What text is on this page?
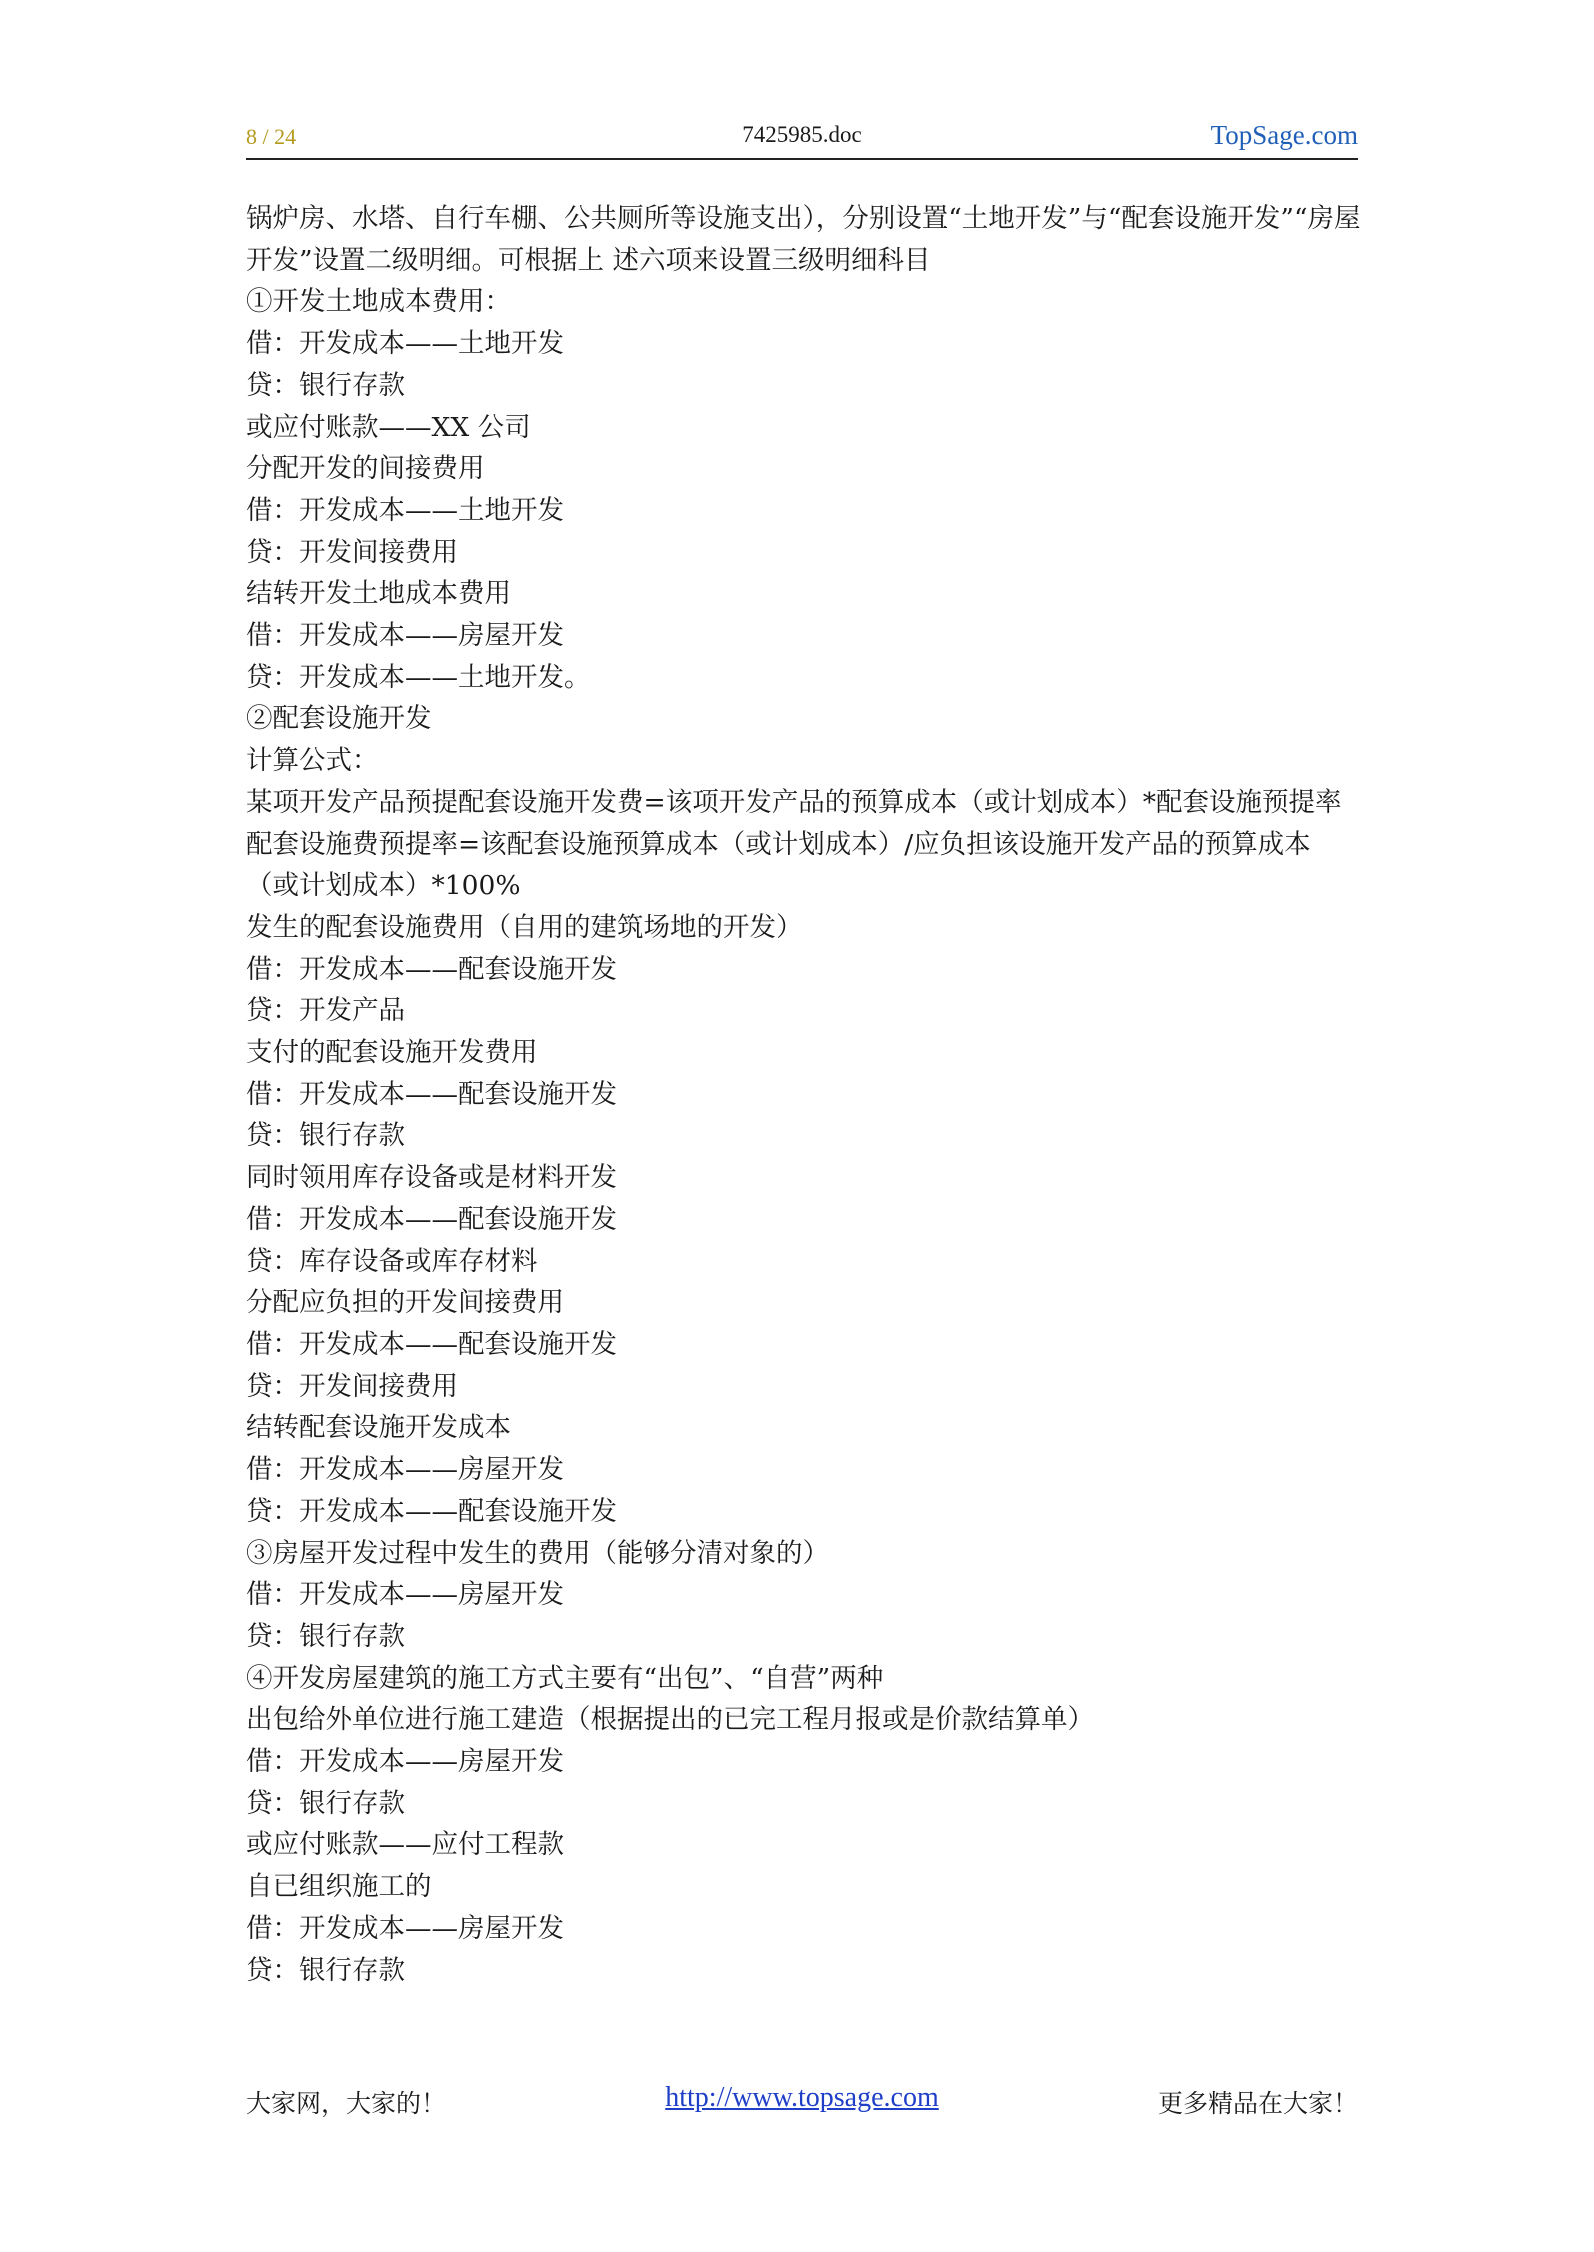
8 / 24	7425985.doc	TopSage.com

锅炉房、水塔、自行车棚、公共厕所等设施支出），分别设置“土地开发”与“配套设施开发”“房屋开发”设置二级明细。可根据上 述六项来设置三级明细科目

①开发土地成本费用：

借：开发成本——土地开发

贷：银行存款

或应付账款——XX 公司

分配开发的间接费用

借：开发成本——土地开发

贷：开发间接费用

结转开发土地成本费用

借：开发成本——房屋开发

贷：开发成本——土地开发。

②配套设施开发

计算公式：

某项开发产品预提配套设施开发费=该项开发产品的预算成本（或计划成本）*配套设施预提率

配套设施费预提率=该配套设施预算成本（或计划成本）/应负担该设施开发产品的预算成本（或计划成本）*100%

发生的配套设施费用（自用的建筑场地的开发）

借：开发成本——配套设施开发

贷：开发产品

支付的配套设施开发费用

借：开发成本——配套设施开发

贷：银行存款

同时领用库存设备或是材料开发

借：开发成本——配套设施开发

贷：库存设备或库存材料

分配应负担的开发间接费用

借：开发成本——配套设施开发

贷：开发间接费用

结转配套设施开发成本

借：开发成本——房屋开发

贷：开发成本——配套设施开发

③房屋开发过程中发生的费用（能够分清对象的）

借：开发成本——房屋开发

贷：银行存款

④开发房屋建筑的施工方式主要有“出包”、“自营”两种

出包给外单位进行施工建造（根据提出的已完工程月报或是价款结算单）

借：开发成本——房屋开发

贷：银行存款

或应付账款——应付工程款

自已组织施工的

借：开发成本——房屋开发

贷：银行存款

大家网，大家的！	http://www.topsage.com	更多精品在大家！
